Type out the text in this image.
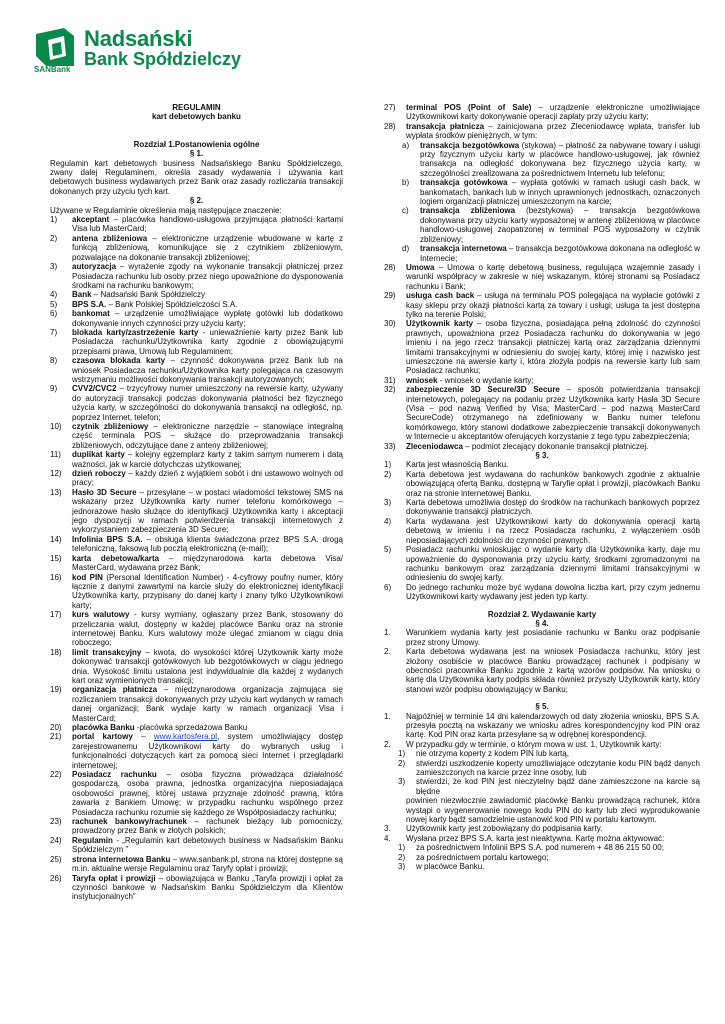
Nadsański
Bank Spółdzielczy
SANBank

REGULAMIN

kart debetowych banku

Rozdział 1.Postanowienia ogólne

§ 1.

Regulamin kart debetowych business Nadsańskiego Banku Spółdzielczego, zwany dalej Regulaminem, określa zasady wydawania i używania kart debetowych business wydawanych przez Bank oraz zasady rozliczania transakcji dokonanych przy użyciu tych kart.

§ 2.

Używane w Regulaminie określenia mają następujące znaczenie:

1)	akceptant – placówka handlowo-usługowa przyjmująca płatności kartami Visa lub MasterCard;
2)	antena zbliżeniowa – elektroniczne urządzenie wbudowane w kartę z funkcją zbliżeniową, komunikujące się z czytnikiem zbliżeniowym, pozwalające na dokonanie transakcji zbliżeniowej;
3)	autoryzacja – wyrażenie zgody na wykonanie transakcji płatniczej przez Posiadacza rachunku lub osoby przez niego upoważnione do dysponowania środkami na rachunku bankowym;
4)	Bank – Nadsański Bank Spółdzielczy
5)	BPS S.A. – Bank Polskiej Spółdzielczości S.A.
6)	bankomat – urządzenie umożliwiające wypłatę gotówki lub dodatkowo dokonywanie innych czynności przy użyciu karty;
7)	blokada karty/zastrzeżenie karty - uniewaźnienie karty przez Bank lub Posiadacza rachunku/Użytkownika karty zgodnie z obowiązującymi przepisami prawa, Umową lub Regulaminem;
8)	czasowa blokada karty – czynność dokonywana przez Bank lub na wniosek Posiadacza rachunku/Użytkownika karty polegająca na czasowym wstrzymaniu możliwości dokonywania transakcji autoryzowanych;
9)	CVV2/CVC2 – trzycyfrowy numer umieszczony na rewersie karty, używany do autoryzacji transakcji podczas dokonywania płatności bez fizycznego użycia karty, w szczególności do dokonywania transakcji na odległość, np. poprzez Internet, telefon;
10)	czytnik zbliżeniowy – elektroniczne narzędzie – stanowiące integralną część terminala POS – służące do przeprowadzania transakcji zbliżeniowych, odczytujące dane z anteny zbliżeniowej;
11)	duplikat karty – kolejny egzemplarz karty z takim samym numerem i datą ważności, jak w karcie dotychczas użytkowanej;
12)	dzień roboczy – każdy dzień z wyjątkiem sobót i dni ustawowo wolnych od pracy;
13)	Hasło 3D Secure – przesyłane – w postaci wiadomości tekstowej SMS na wskazany przez Użytkownika karty numer telefonu komórkowego – jednorazowe hasło służące do identyfikacji Użytkownika karty i akceptacji jego dyspozycji w ramach potwierdzenia transakcji internetowych z wykorzystaniem zabezpieczenia 3D Secure;
14)	Infolinia BPS S.A. – obsługa klienta świadczona przez BPS S.A. drogą telefoniczną, faksową lub pocztą elektroniczną (e-mail);
15)	karta debetowa/karta – międzynarodowa karta debetowa Visa/ MasterCard, wydawana przez Bank;
16)	kod PIN (Personal Identification Number) - 4-cyfrowy poufny numer, który łącznie z danymi zawartymi na karcie służy do elektronicznej identyfikacji Użytkownika karty, przypisany do danej karty i znany tylko Użytkownikowi karty;
17)	kurs walutowy - kursy wymiany, ogłaszany przez Bank, stosowany do przeliczania walut, dostępny w każdej placówce Banku oraz na stronie internetowej Banku. Kurs walutowy może ulegać zmianom w ciągu dnia roboczego;
18)	limit transakcyjny – kwota, do wysokości której Użytkownik karty może dokonywać transakcji gotówkowych lub bezgotówkowych w ciągu jednego dnia. Wysokość limitu ustalona jest indywidualnie dla każdej z wydanych kart oraz wymienionych transakcji;
19)	organizacja płatnicza – międzynarodowa organizacja zajmująca się rozliczaniem transakcji dokonywanych przy użyciu kart wydanych w ramach danej organizacji; Bank wydaje karty w ramach organizacji Visa i MasterCard;
20)	placówka Banku -placówka sprzedażowa Banku
21)	portal kartowy – www.kartosfera.pl, system umożliwiający dostęp zarejestrowanemu Użytkownikowi karty do wybranych usług i funkcjonalności dotyczących kart za pomocą sieci Internet i przeglądarki internetowej;
22)	Posiadacz rachunku – osoba fizyczna prowadząca działalność gospodarczą, osoba prawna, jednostka organizacyjna nieposiadająca osobowości prawnej, której ustawa przyznaje zdolność prawną, która zawarła z Bankiem Umowę; w przypadku rachunku wspólnego przez Posiadacza rachunku rozumie się każdego ze Współposiadaczy rachunku;
23)	rachunek bankowy/rachunek – rachunek bieżący lub pomocniczy, prowadzony przez Bank w złotych polskich;
24)	Regulamin - „Regulamin kart debetowych business w Nadsańskim Banku Spółdzielczym ”
25)	strona internetowa Banku – www.sanbank.pl, strona na której dostępne są m.in. aktualne wersje Regulaminu oraz Taryfy opłat i prowizji;
26)	Taryfa opłat i prowizji – obowiązująca w Banku „Taryfa prowizji i opłat za czynności bankowe w Nadsańskim Banku Spółdzielczym dla Klientów instytucjonalnych”
27)	terminal POS (Point of Sale) – urządzenie elektroniczne umożliwiające Użytkownikowi karty dokonywanie operacji zapłaty przy użyciu karty;
28)	transakcja płatnicza – zainicjowana przez Zleceniodawcę wpłata, transfer lub wypłata środków pieniężnych, w tym:
a)	transakcja bezgotówkowa (stykowa) – płatność za nabywane towary i usługi przy fizycznym użyciu karty w placówce handlowo-usługowej, jak również transakcja na odległość dokonywana bez fizycznego użycia karty, w szczególności zrealizowana za pośrednictwem Internetu lub telefonu;
b)	transakcja gotówkowa – wypłata gotówki w ramach usługi cash back, w bankomatach, bankach lub w innych uprawnionych jednostkach, oznaczonych logiem organizacji płatniczej umieszczonym na karcie;
c)	transakcja zbliżeniowa (bezstykowa) – transakcja bezgotówkowa dokonywana przy użyciu karty wyposażonej w antenę zbliżeniową w placówce handlowo-usługowej zaopatrzonej w terminal POS wyposażony w czytnik zbliżeniowy;
d)	transakcja internetowa – transakcja bezgotówkowa dokonana na odległość w Internecie;
28)	Umowa – Umowa o kartę debetową business, regulująca wzajemnie zasady i warunki współpracy w zakresie w niej wskazanym, której stronami są Posiadacz rachunku i Bank;
29)	usługa cash back – usługa na terminalu POS polegająca na wypłacie gotówki z kasy sklepu przy okazji płatności kartą za towary i usługi; usługa ta jest dostępna tylko na terenie Polski;
30)	Użytkownik karty – osoba fizyczna, posiadająca pełną zdolność do czynności prawnych, upoważniona przez Posiadacza rachunku do dokonywania w jego imieniu i na jego rzecz transakcji płatniczej kartą oraz zarządzania dziennymi limitami transakcyjnymi w odniesieniu do swojej karty, której imię i nazwisko jest umieszczone na awersie karty i, która złożyła podpis na rewersie karty lub sam Posiadacz rachunku;
31)	wniosek - wniosek o wydanie karty;
32)	zabezpieczenie 3D Secure/3D Secure – sposób potwierdzania transakcji internetowych, polegający na podaniu przez Użytkownika karty Hasła 3D Secure (Visa – pod nazwą Verified by Visa; MasterCard – pod nazwą MasterCard SecureCode) otrzymanego na zdefiniowany w Banku numer telefonu komórkowego, który stanowi dodatkowe zabezpieczenie transakcji dokonywanych w Internecie u akceptantów oferujących korzystanie z tego typu zabezpieczenia;
33)	Zleceniodawca – podmiot zlecający dokonanie transakcji płatniczej.

§ 3.

1)	Karta jest własnością Banku.
2)	Karta debetowa jest wydawana do rachunków bankowych zgodnie z aktualnie obowiązującą ofertą Banku, dostępną w Taryfie opłat i prowizji, placówkach Banku oraz na stronie internetowej Banku.
3)	Karta debetowa umożliwia dostęp do środków na rachunkach bankowych poprzez dokonywanie transakcji płatniczych.
4)	Karta wydawana jest Użytkownikowi karty do dokonywania operacji kartą debetową w imieniu i na rzecz Posiadacza rachunku, z wyłączeniem osób nieposiadających zdolności do czynności prawnych.
5)	Posiadacz rachunku wnioskując o wydanie karty dla Użytkownika karty, daje mu upoważnienie do dysponowania przy użyciu karty, środkami zgromadzonymi na rachunku bankowym oraz zarządzania dziennymi limitami transakcyjnymi w odniesieniu do swojej karty.
6)	Do jednego rachunku może być wydana dowolna liczba kart, przy czym jednemu Użytkownikowi karty wydawany jest jeden typ karty.

Rozdział 2. Wydawanie karty

§ 4.

1.	Warunkiem wydania karty jest posiadanie rachunku w Banku oraz podpisanie przez strony Umowy.
2.	Karta debetowa wydawana jest na wniosek Posiadacza rachunku, który jest złożony osobiście w placówce Banku prowadzącej rachunek i podpisany w obecności pracownika Banku zgodnie z kartą wzorów podpisów. Na wniosku o kartę dla Użytkownika karty podpis składa również przyszły Użytkownik karty, który stanowi wzór podpisu obowiązujący w Banku;

§ 5.

1.	Najpóźniej w terminie 14 dni kalendarzowych od daty złożenia wniosku, BPS S.A. przesyła pocztą na wskazany we wniosku adres korespondencyjny kod PIN oraz kartę. Kod PIN oraz karta przesyłane są w odrębnej korespondencji.
2.	W przypadku gdy w terminie, o którym mowa w ust. 1, Użytkownik karty:
1)	nie otrzyma koperty z kodem PIN lub kartą,
2)	stwierdzi uszkodzenie koperty umożliwiające odczytanie kodu PIN bądź danych zamieszczonych na karcie przez inne osoby, lub
3)	stwierdzi, że kod PIN jest nieczytelny bądź dane zamieszczone na karcie są błędne

powinien niezwłocznie zawiadomić placówkę Banku prowadzącą rachunek, która wystąpi o wygenerowanie nowego kodu PIN do karty lub złeci wyprodukowanie nowej karty bądź samodzielnie ustanowić kod PIN w portalu kartowym.

3.	Użytkownik karty jest zobowiązany do podpisania karty.
4.	Wysłana przez BPS S.A. karta jest nieaktywna. Kartę można aktywować:
1)	za pośrednictwem Infolinii BPS S.A. pod numerem + 48 86 215 50 00;
2)	za pośrednictwem portalu kartowego;
3)	w placówce Banku.
